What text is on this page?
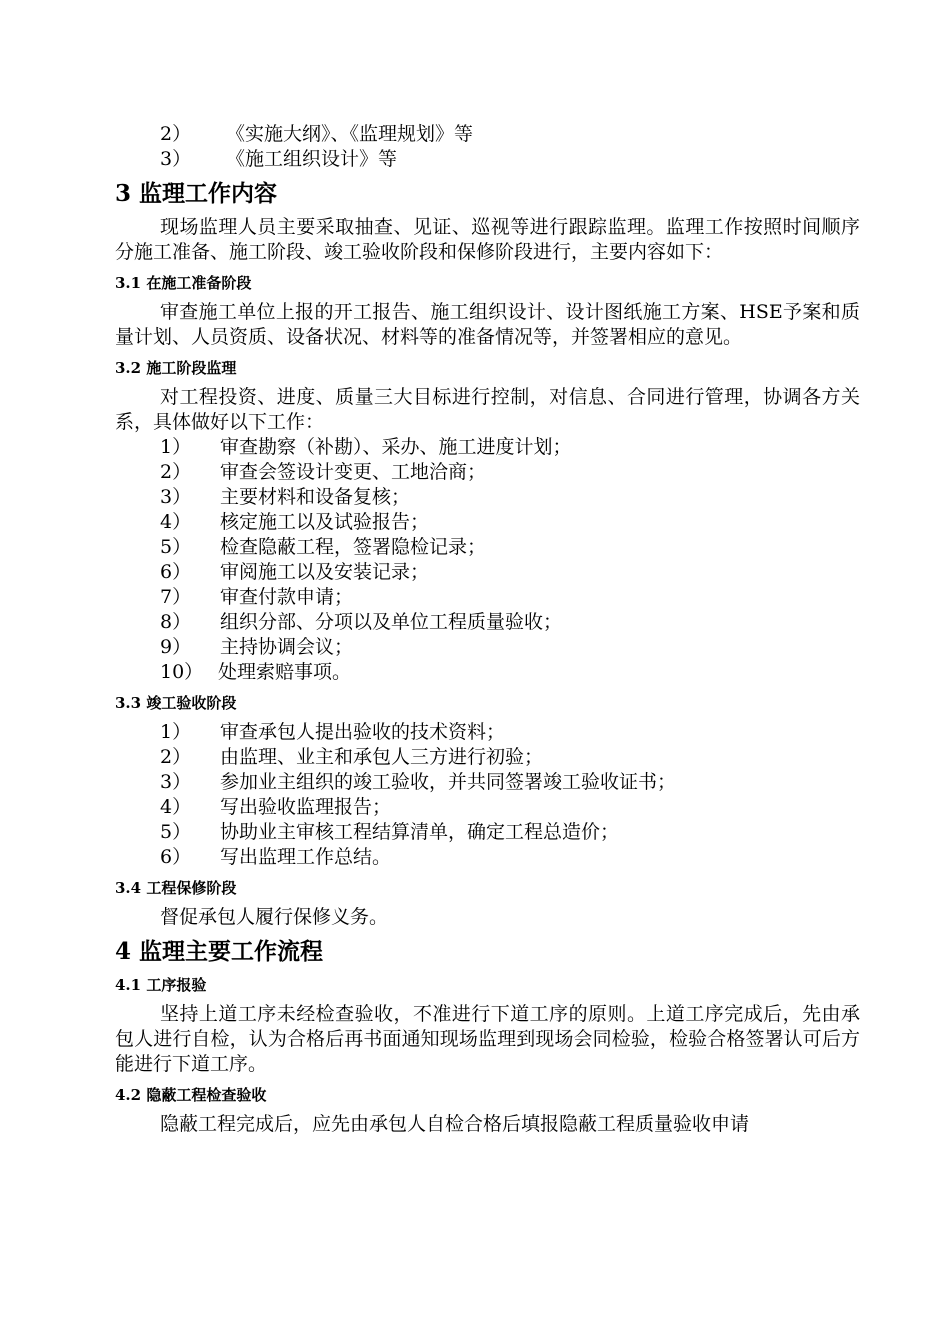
2） 《实施大纲》、《监理规划》等
3） 《施工组织设计》等
3 监理工作内容

现场监理人员主要采取抽查、见证、巡视等进行跟踪监理。监理工作按照时间顺序分施工准备、施工阶段、竣工验收阶段和保修阶段进行，主要内容如下：

3.1 在施工准备阶段

审查施工单位上报的开工报告、施工组织设计、设计图纸施工方案、HSE予案和质量计划、人员资质、设备状况、材料等的准备情况等，并签署相应的意见。

3.2 施工阶段监理

对工程投资、进度、质量三大目标进行控制，对信息、合同进行管理，协调各方关系，具体做好以下工作：

1） 审查勘察（补勘）、采办、施工进度计划；
2） 审查会签设计变更、工地洽商；
3） 主要材料和设备复核；
4） 核定施工以及试验报告；
5） 检查隐蔽工程，签署隐检记录；
6） 审阅施工以及安装记录；
7） 审查付款申请；
8） 组织分部、分项以及单位工程质量验收；
9） 主持协调会议；
10） 处理索赔事项。
3.3 竣工验收阶段
1） 审查承包人提出验收的技术资料；
2） 由监理、业主和承包人三方进行初验；
3） 参加业主组织的竣工验收，并共同签署竣工验收证书；
4） 写出验收监理报告；
5） 协助业主审核工程结算清单，确定工程总造价；
6） 写出监理工作总结。
3.4 工程保修阶段

督促承包人履行保修义务。

4 监理主要工作流程
4.1 工序报验

坚持上道工序未经检查验收，不准进行下道工序的原则。上道工序完成后，先由承包人进行自检，认为合格后再书面通知现场监理到现场会同检验，检验合格签署认可后方能进行下道工序。

4.2 隐蔽工程检查验收

隐蔽工程完成后，应先由承包人自检合格后填报隐蔽工程质量验收申请
